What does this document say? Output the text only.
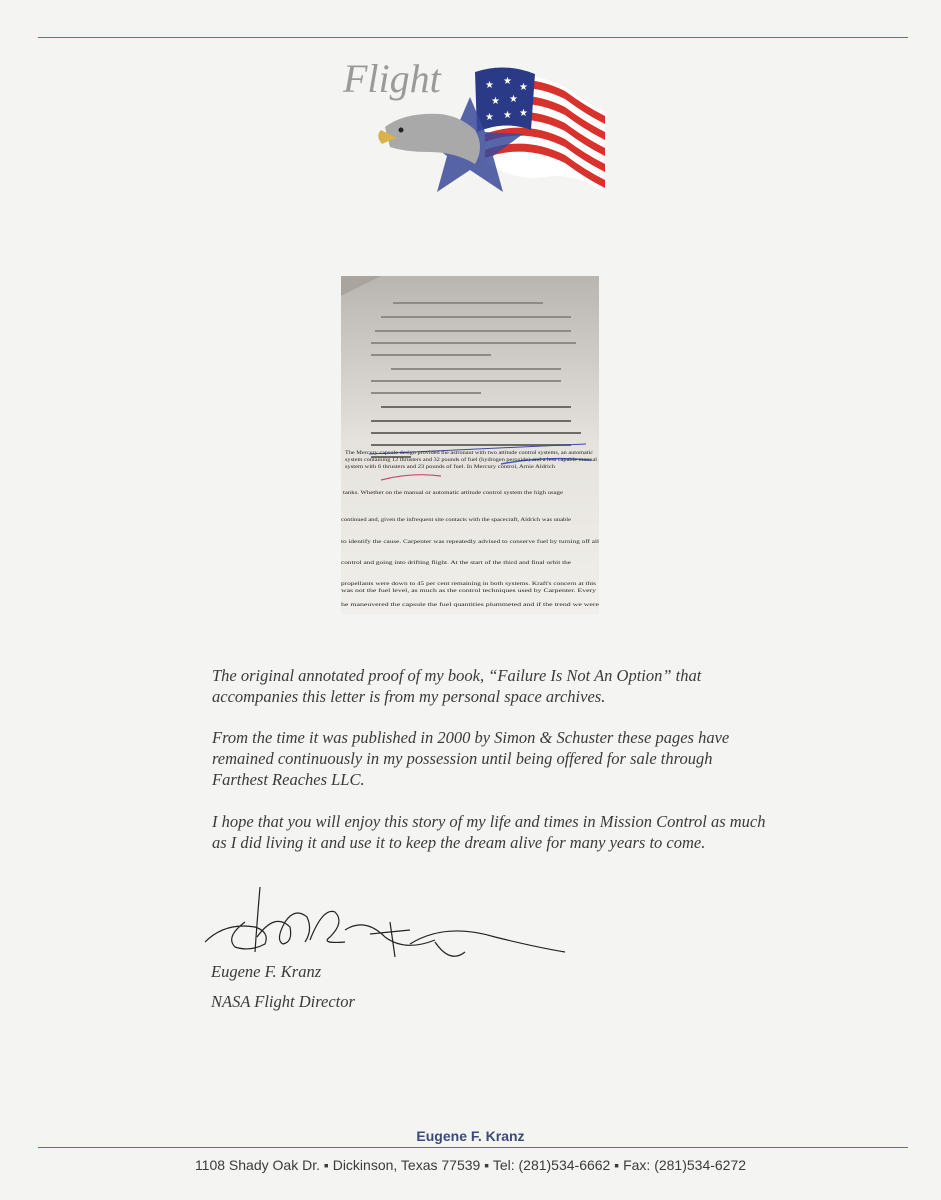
★ ★
★
★ ★
★ ★ ★
Flight
The Mercury capsule design provided the astronaut with two attitude control systems, an automatic
system containing 12 thrusters and 32 pounds of fuel (hydrogen peroxide) and a less capable manual
system with 6 thrusters and 23 pounds of fuel. In Mercury control, Arnie Aldrich
tanks. Whether on the manual or automatic attitude control system the high usage
continued and, given the infrequent site contacts with the spacecraft, Aldrich was unable
to identify the cause. Carpenter was repeatedly advised to conserve fuel by turning off all
control and going into drifting flight. At the start of the third and final orbit the
propellants were down to 45 per cent remaining in both systems. Kraft's concern at this
was not the fuel level, as much as the control techniques used by Carpenter. Every
he maneuvered the capsule the fuel quantities plummeted and if the trend we were

The original annotated proof of my book, “Failure Is Not An Option” that accompanies this letter is from my personal space archives.

From the time it was published in 2000 by Simon & Schuster these pages have remained continuously in my possession until being offered for sale through Farthest Reaches LLC.

I hope that you will enjoy this story of my life and times in Mission Control as much as I did living it and use it to keep the dream alive for many years to come.

Eugene F. Kranz
NASA Flight Director
Eugene F. Kranz
1108 Shady Oak Dr. ▪ Dickinson, Texas 77539 ▪ Tel: (281)534-6662 ▪ Fax: (281)534-6272
